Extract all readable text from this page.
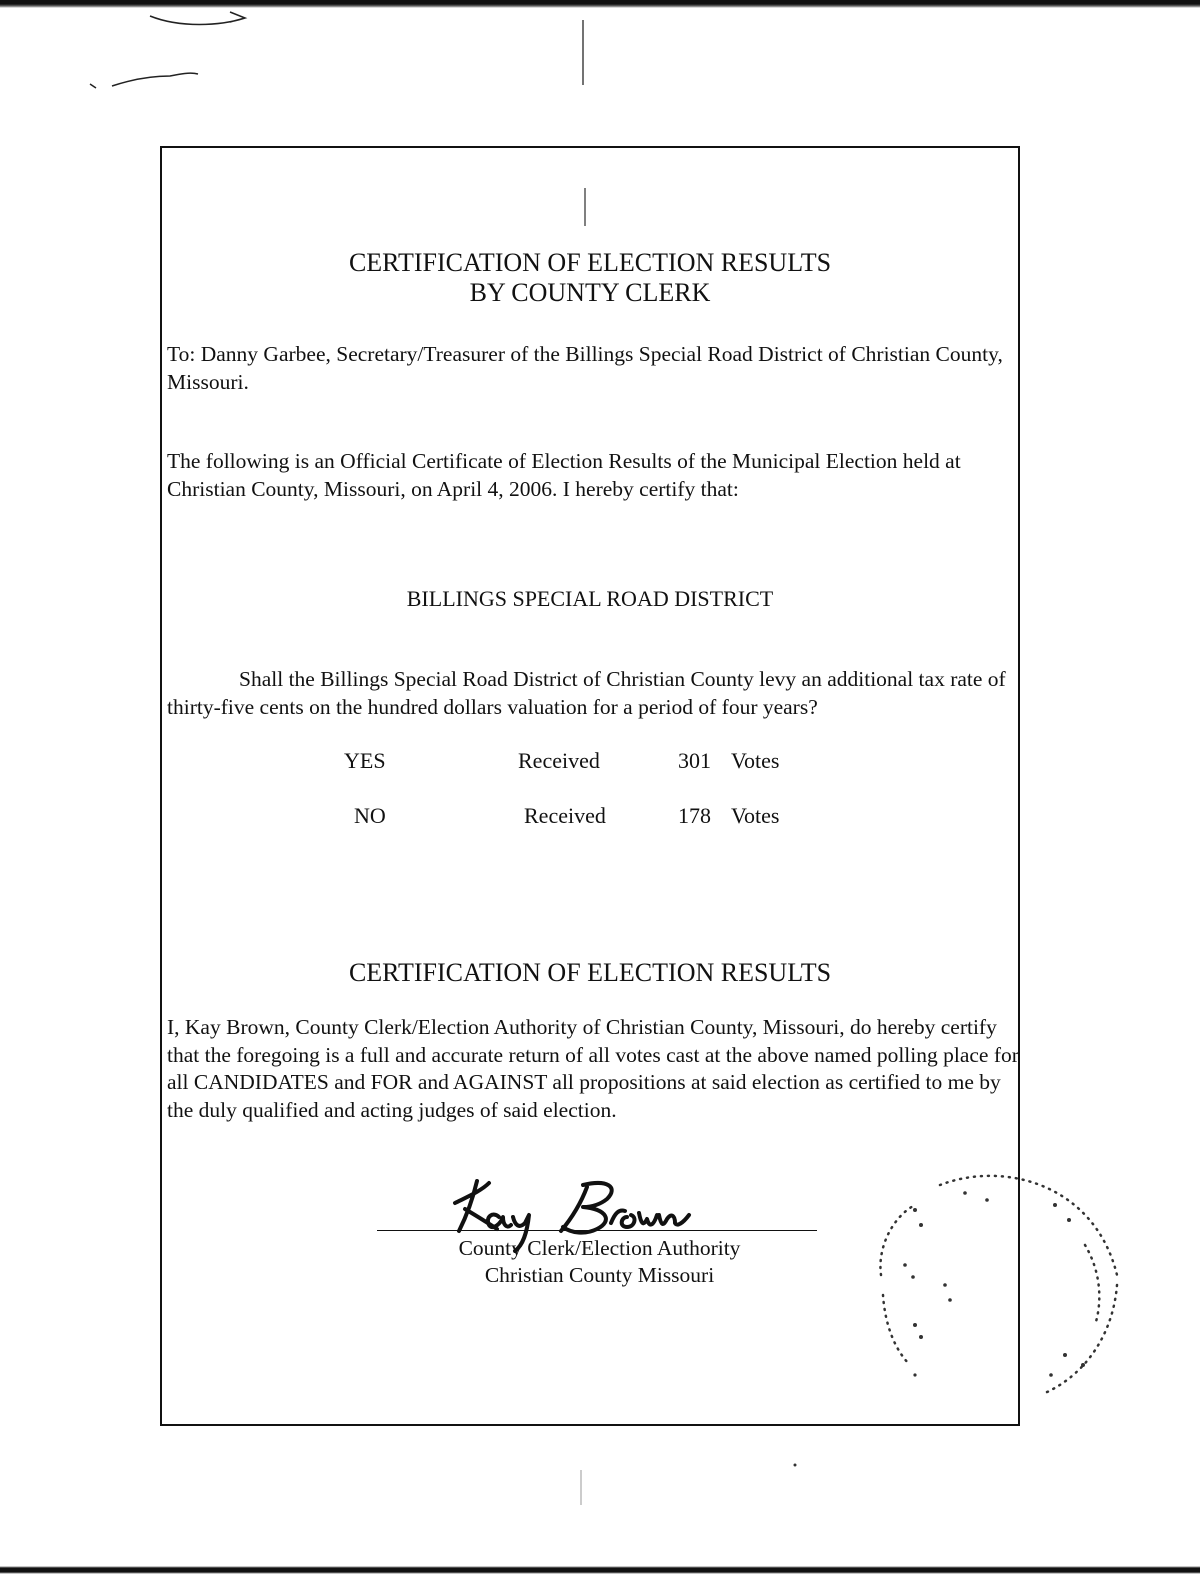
CERTIFICATION OF ELECTION RESULTS
BY COUNTY CLERK

To: Danny Garbee, Secretary/Treasurer of the Billings Special Road District of Christian County, Missouri.

The following is an Official Certificate of Election Results of the Municipal Election held at Christian County, Missouri, on April 4, 2006. I hereby certify that:

BILLINGS SPECIAL ROAD DISTRICT

Shall the Billings Special Road District of Christian County levy an additional tax rate of thirty-five cents on the hundred dollars valuation for a period of four years?

YES	Received	301 Votes
NO	Received	178 Votes
CERTIFICATION OF ELECTION RESULTS

I, Kay Brown, County Clerk/Election Authority of Christian County, Missouri, do hereby certify that the foregoing is a full and accurate return of all votes cast at the above named polling place for all CANDIDATES and FOR and AGAINST all propositions at said election as certified to me by the duly qualified and acting judges of said election.

County Clerk/Election Authority
Christian County Missouri
